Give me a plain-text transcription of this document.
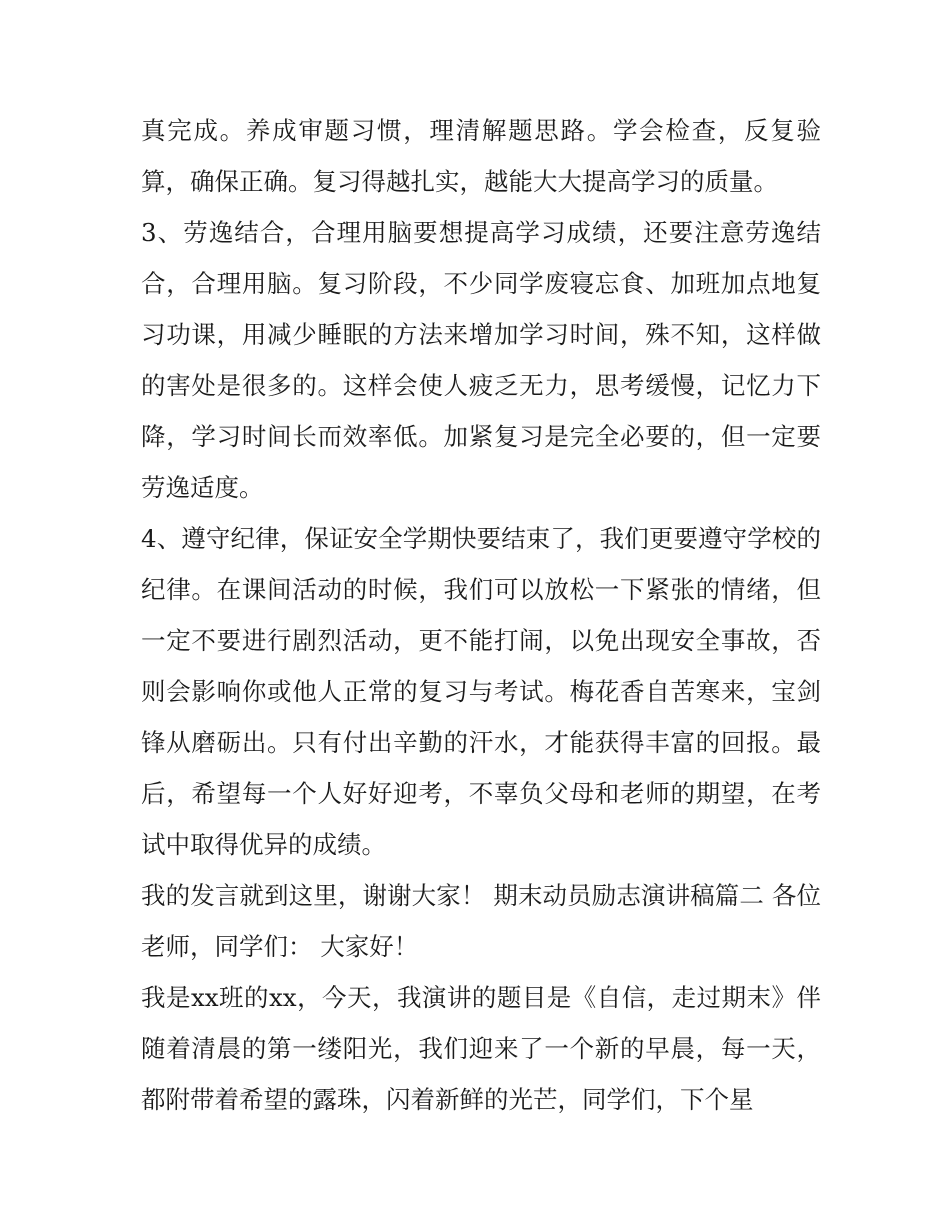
真完成。养成审题习惯，理清解题思路。学会检查，反复验算，确保正确。复习得越扎实，越能大大提高学习的质量。

3、劳逸结合，合理用脑要想提高学习成绩，还要注意劳逸结合，合理用脑。复习阶段，不少同学废寝忘食、加班加点地复习功课，用减少睡眠的方法来增加学习时间，殊不知，这样做的害处是很多的。这样会使人疲乏无力，思考缓慢，记忆力下降，学习时间长而效率低。加紧复习是完全必要的，但一定要劳逸适度。

4、遵守纪律，保证安全学期快要结束了，我们更要遵守学校的纪律。在课间活动的时候，我们可以放松一下紧张的情绪，但一定不要进行剧烈活动，更不能打闹，以免出现安全事故，否则会影响你或他人正常的复习与考试。梅花香自苦寒来，宝剑锋从磨砺出。只有付出辛勤的汗水，才能获得丰富的回报。最后，希望每一个人好好迎考，不辜负父母和老师的期望，在考试中取得优异的成绩。

我的发言就到这里，谢谢大家！ 期末动员励志演讲稿篇二 各位老师，同学们： 大家好！

我是xx班的xx，今天，我演讲的题目是《自信，走过期末》伴随着清晨的第一缕阳光，我们迎来了一个新的早晨，每一天，都附带着希望的露珠，闪着新鲜的光芒，同学们，下个星
